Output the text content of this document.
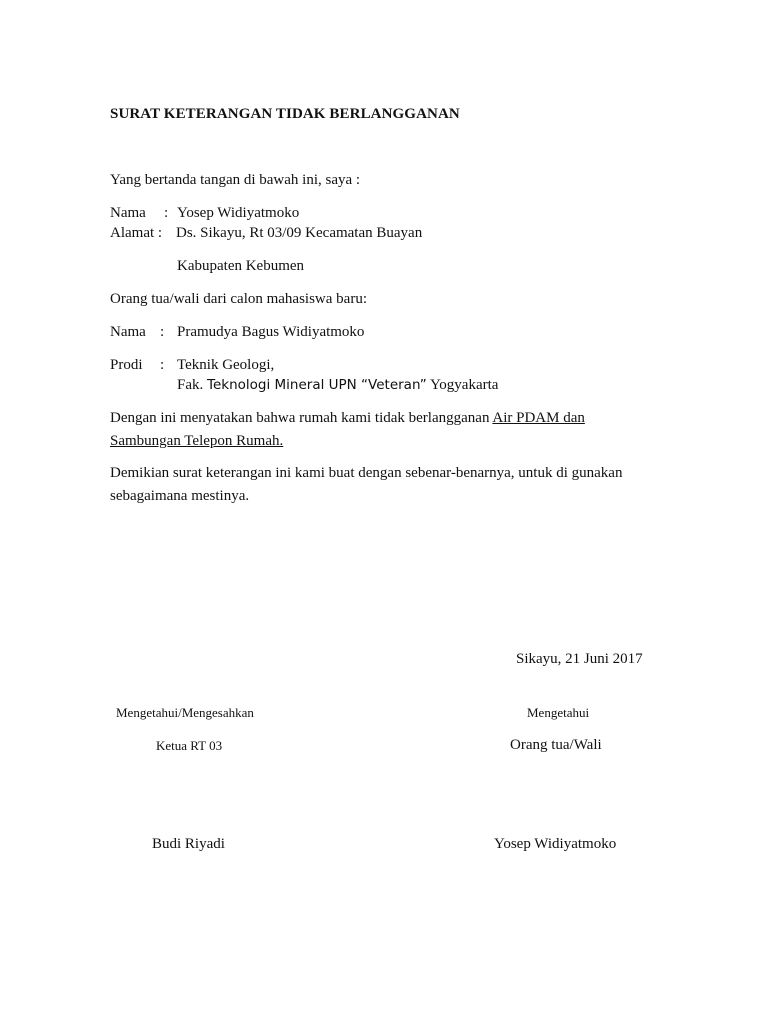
SURAT KETERANGAN TIDAK BERLANGGANAN
Yang bertanda tangan di bawah ini, saya :
Nama : Yosep Widiyatmoko
Alamat : Ds. Sikayu, Rt 03/09 Kecamatan Buayan
Kabupaten Kebumen
Orang tua/wali dari calon mahasiswa baru:
Nama : Pramudya Bagus Widiyatmoko
Prodi : Teknik Geologi,
Fak. Teknologi Mineral UPN “Veteran” Yogyakarta
Dengan ini menyatakan bahwa rumah kami tidak berlangganan Air PDAM dan
Sambungan Telepon Rumah.
Demikian surat keterangan ini kami buat dengan sebenar-benarnya, untuk di gunakan sebagaimana mestinya.
Sikayu, 21 Juni 2017
Mengetahui/Mengesahkan
Ketua RT 03
Budi Riyadi
Mengetahui
Orang tua/Wali
Yosep Widiyatmoko
